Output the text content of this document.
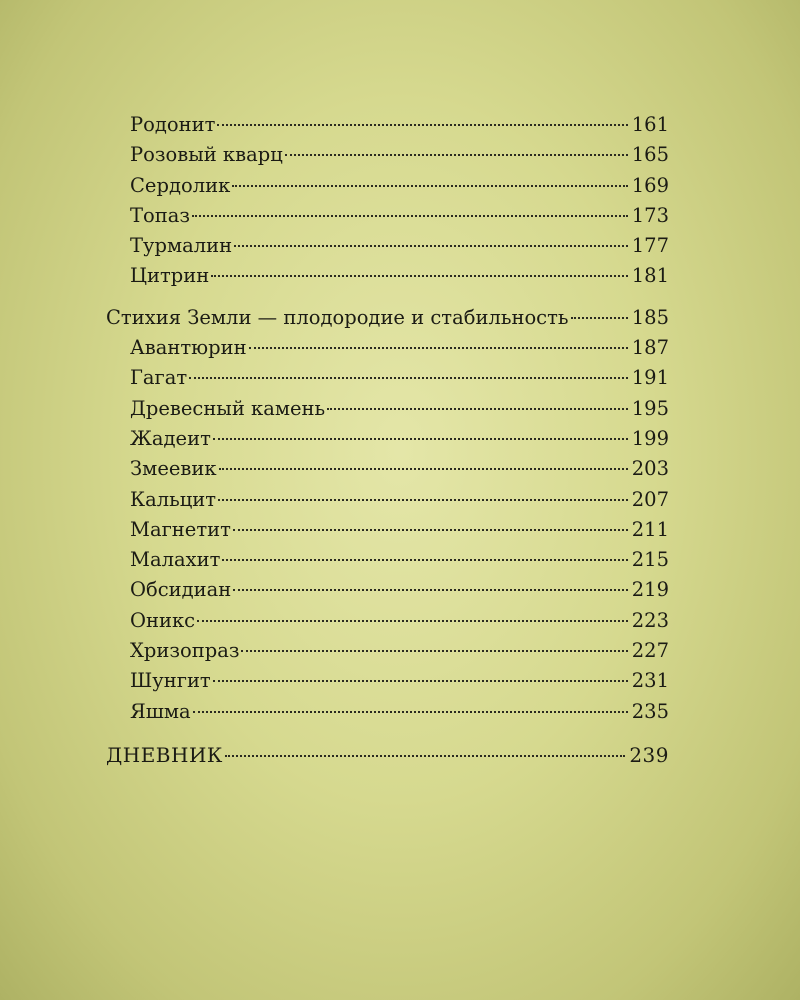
Родонит	161
Розовый кварц	165
Сердолик	169
Топаз	173
Турмалин	177
Цитрин	181
Стихия Земли — плодородие и стабильность	185
Авантюрин	187
Гагат	191
Древесный камень	195
Жадеит	199
Змеевик	203
Кальцит	207
Магнетит	211
Малахит	215
Обсидиан	219
Оникс	223
Хризопраз	227
Шунгит	231
Яшма	235
ДНЕВНИК	239
